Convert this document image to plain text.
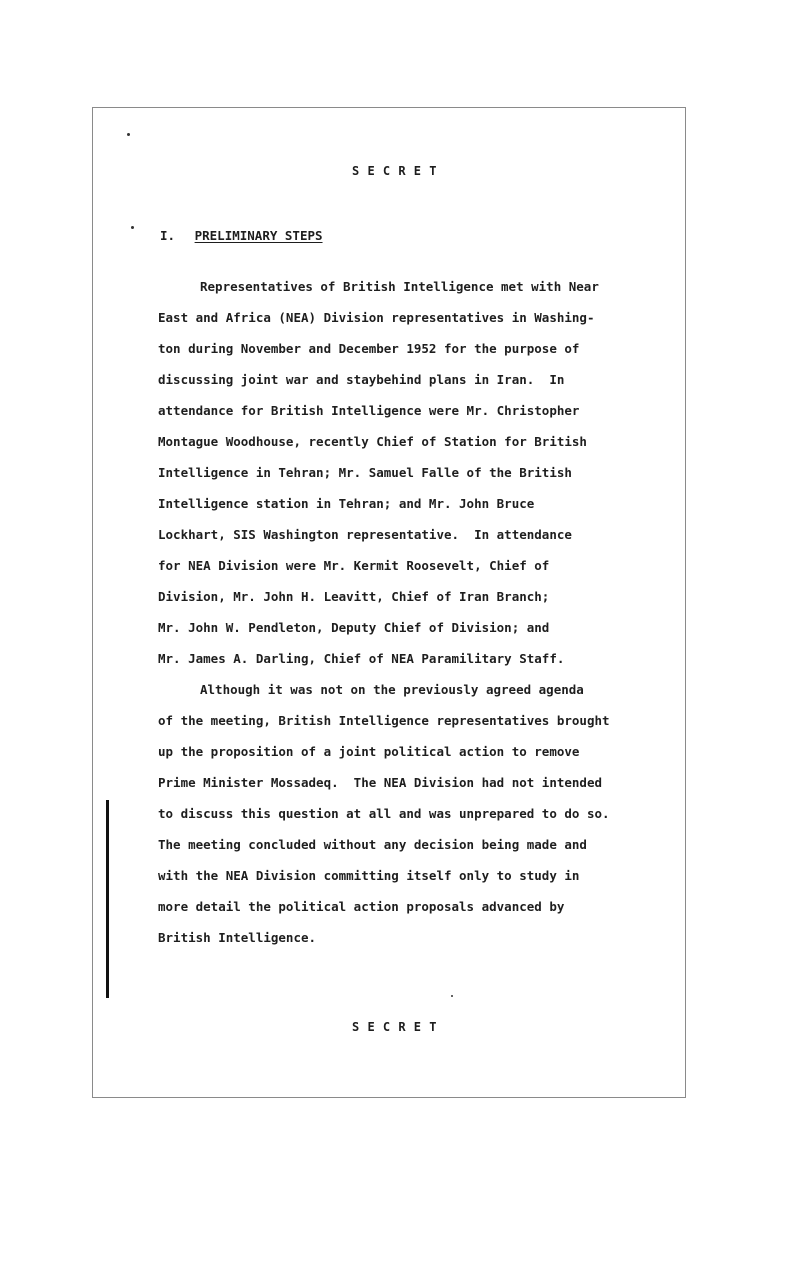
S E C R E T
I. PRELIMINARY STEPS
Representatives of British Intelligence met with Near
East and Africa (NEA) Division representatives in Washing-
ton during November and December 1952 for the purpose of
discussing joint war and staybehind plans in Iran.  In
attendance for British Intelligence were Mr. Christopher
Montague Woodhouse, recently Chief of Station for British
Intelligence in Tehran; Mr. Samuel Falle of the British
Intelligence station in Tehran; and Mr. John Bruce
Lockhart, SIS Washington representative.  In attendance
for NEA Division were Mr. Kermit Roosevelt, Chief of
Division, Mr. John H. Leavitt, Chief of Iran Branch;
Mr. John W. Pendleton, Deputy Chief of Division; and
Mr. James A. Darling, Chief of NEA Paramilitary Staff.
Although it was not on the previously agreed agenda
of the meeting, British Intelligence representatives brought
up the proposition of a joint political action to remove
Prime Minister Mossadeq.  The NEA Division had not intended
to discuss this question at all and was unprepared to do so.
The meeting concluded without any decision being made and
with the NEA Division committing itself only to study in
more detail the political action proposals advanced by
British Intelligence.
S E C R E T
